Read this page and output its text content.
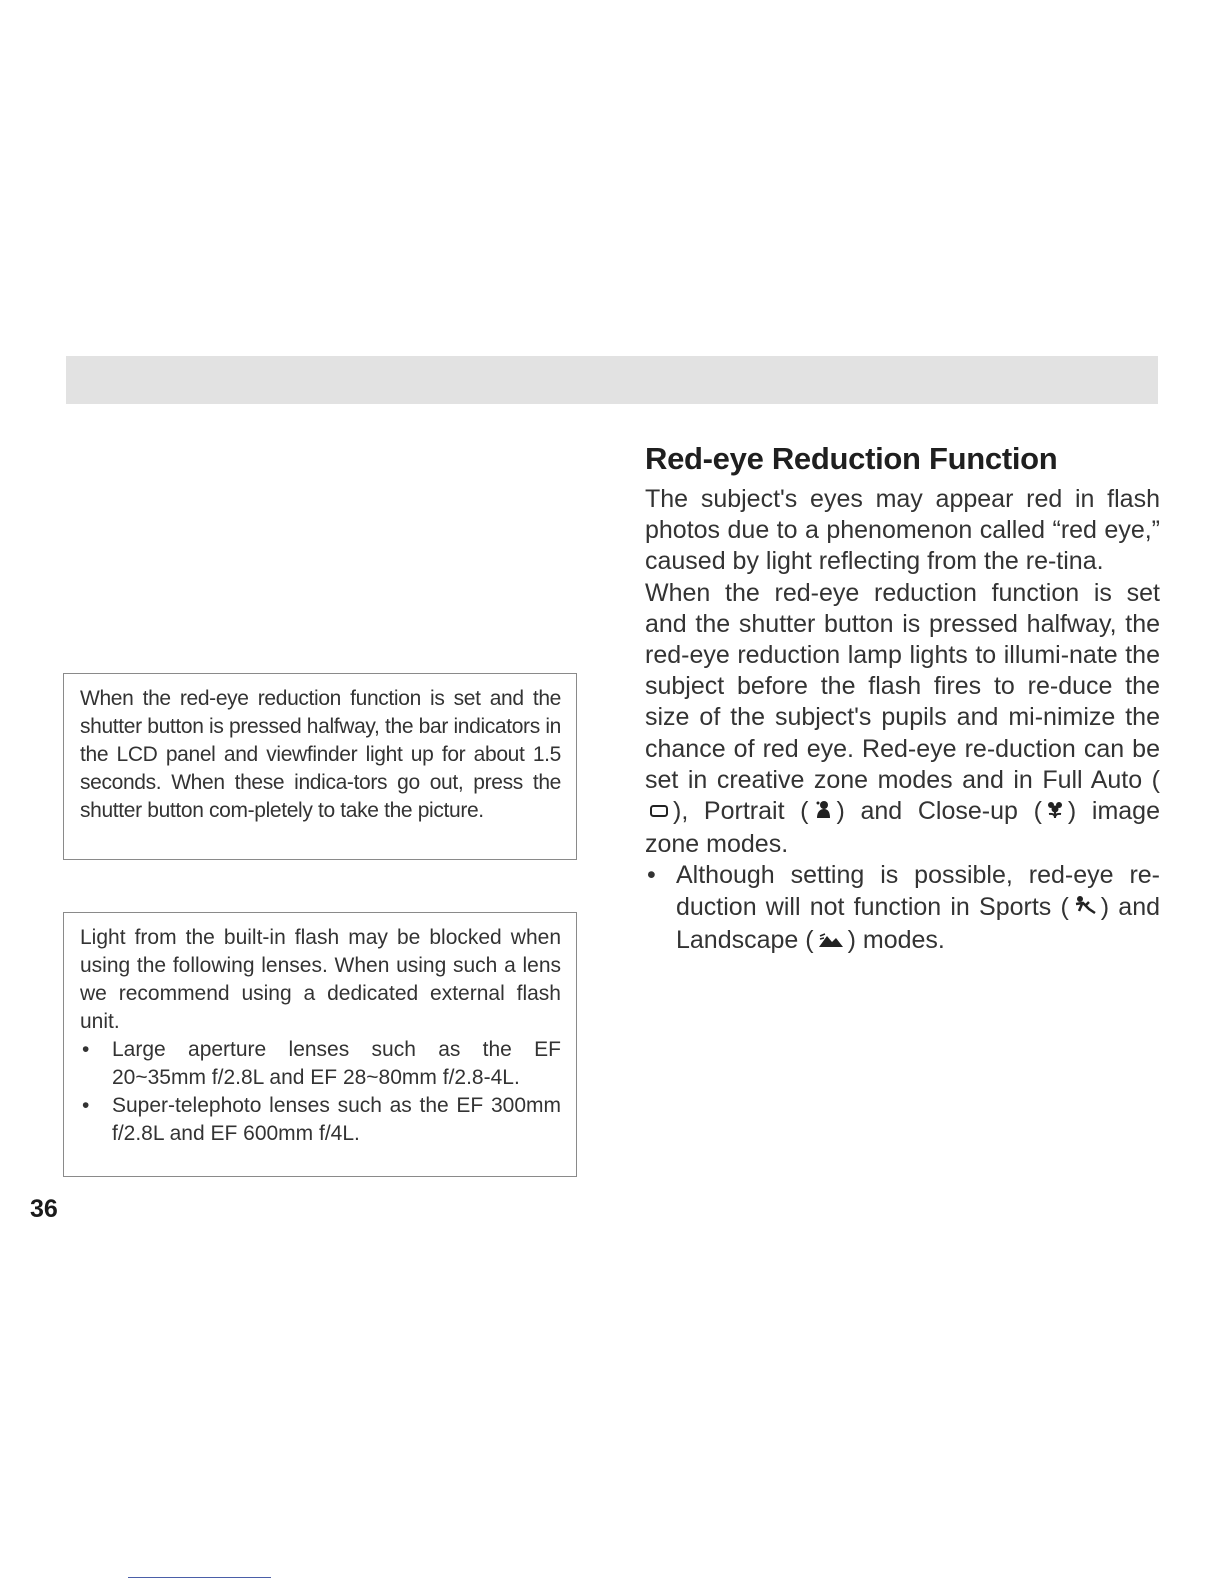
When the red-eye reduction function is set and the shutter button is pressed halfway, the bar indicators in the LCD panel and viewfinder light up for about 1.5 seconds. When these indica-tors go out, press the shutter button com-pletely to take the picture.

Light from the built-in flash may be blocked when using the following lenses. When using such a lens we recommend using a dedicated external flash unit.

• Large aperture lenses such as the EF 20~35mm f/2.8L and EF 28~80mm f/2.8-4L.
• Super-telephoto lenses such as the EF 300mm f/2.8L and EF 600mm f/4L.
36
Red-eye Reduction Function

The subject's eyes may appear red in flash photos due to a phenomenon called “red eye,” caused by light reflecting from the re-tina.

When the red-eye reduction function is set and the shutter button is pressed halfway, the red-eye reduction lamp lights to illumi-nate the subject before the flash fires to re-duce the size of the subject's pupils and mi-nimize the chance of red eye. Red-eye re-duction can be set in creative zone modes and in Full Auto (), Portrait ( ) and Close-up ( ) image zone modes.

• Although setting is possible, red-eye re-duction will not function in Sports ( ) and Landscape ( ) modes.
